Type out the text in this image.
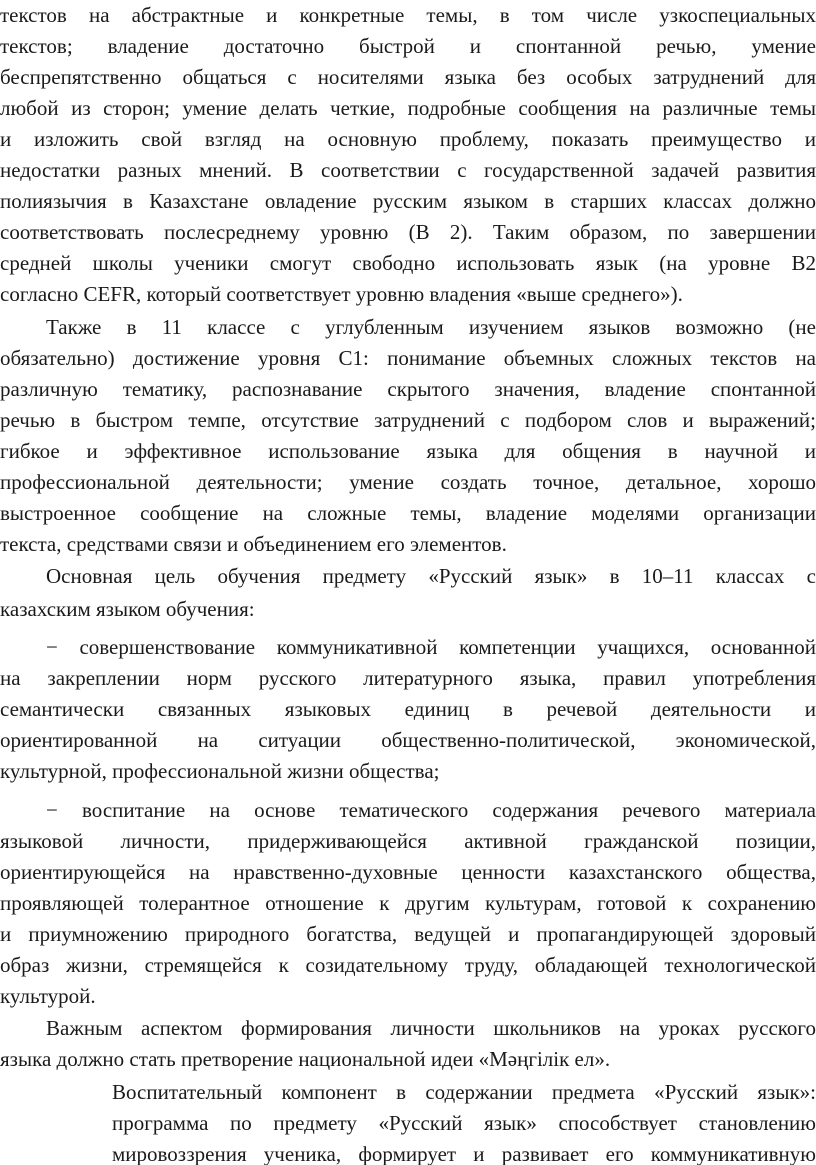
текстов на абстрактные и конкретные темы, в том числе узкоспециальных
текстов; владение достаточно быстрой и спонтанной речью, умение
беспрепятственно общаться с носителями языка без особых затруднений для
любой из сторон; умение делать четкие, подробные сообщения на различные темы
и изложить свой взгляд на основную проблему, показать преимущество и
недостатки разных мнений. В соответствии с государственной задачей развития
полиязычия в Казахстане овладение русским языком в старших классах должно
соответствовать послесреднему уровню (В 2). Таким образом, по завершении
средней школы ученики смогут свободно использовать язык (на уровне В2
согласно CEFR, который соответствует уровню владения «выше среднего»).
Также в 11 классе с углубленным изучением языков возможно (не
обязательно) достижение уровня С1: понимание объемных сложных текстов на
различную тематику, распознавание скрытого значения, владение спонтанной
речью в быстром темпе, отсутствие затруднений с подбором слов и выражений;
гибкое и эффективное использование языка для общения в научной и
профессиональной деятельности; умение создать точное, детальное, хорошо
выстроенное сообщение на сложные темы, владение моделями организации
текста, средствами связи и объединением его элементов.
Основная цель обучения предмету «Русский язык» в 10–11 классах с
казахским языком обучения:
− совершенствование коммуникативной компетенции учащихся, основанной
на закреплении норм русского литературного языка, правил употребления
семантически связанных языковых единиц в речевой деятельности и
ориентированной на ситуации общественно-политической, экономической,
культурной, профессиональной жизни общества;
− воспитание на основе тематического содержания речевого материала
языковой личности, придерживающейся активной гражданской позиции,
ориентирующейся на нравственно-духовные ценности казахстанского общества,
проявляющей толерантное отношение к другим культурам, готовой к сохранению
и приумножению природного богатства, ведущей и пропагандирующей здоровый
образ жизни, стремящейся к созидательному труду, обладающей технологической
культурой.
Важным аспектом формирования личности школьников на уроках русского
языка должно стать претворение национальной идеи «Мәңгілік ел».
Воспитательный компонент в содержании предмета «Русский язык»:
программа по предмету «Русский язык» способствует становлению
мировоззрения ученика, формирует и развивает его коммуникативную
